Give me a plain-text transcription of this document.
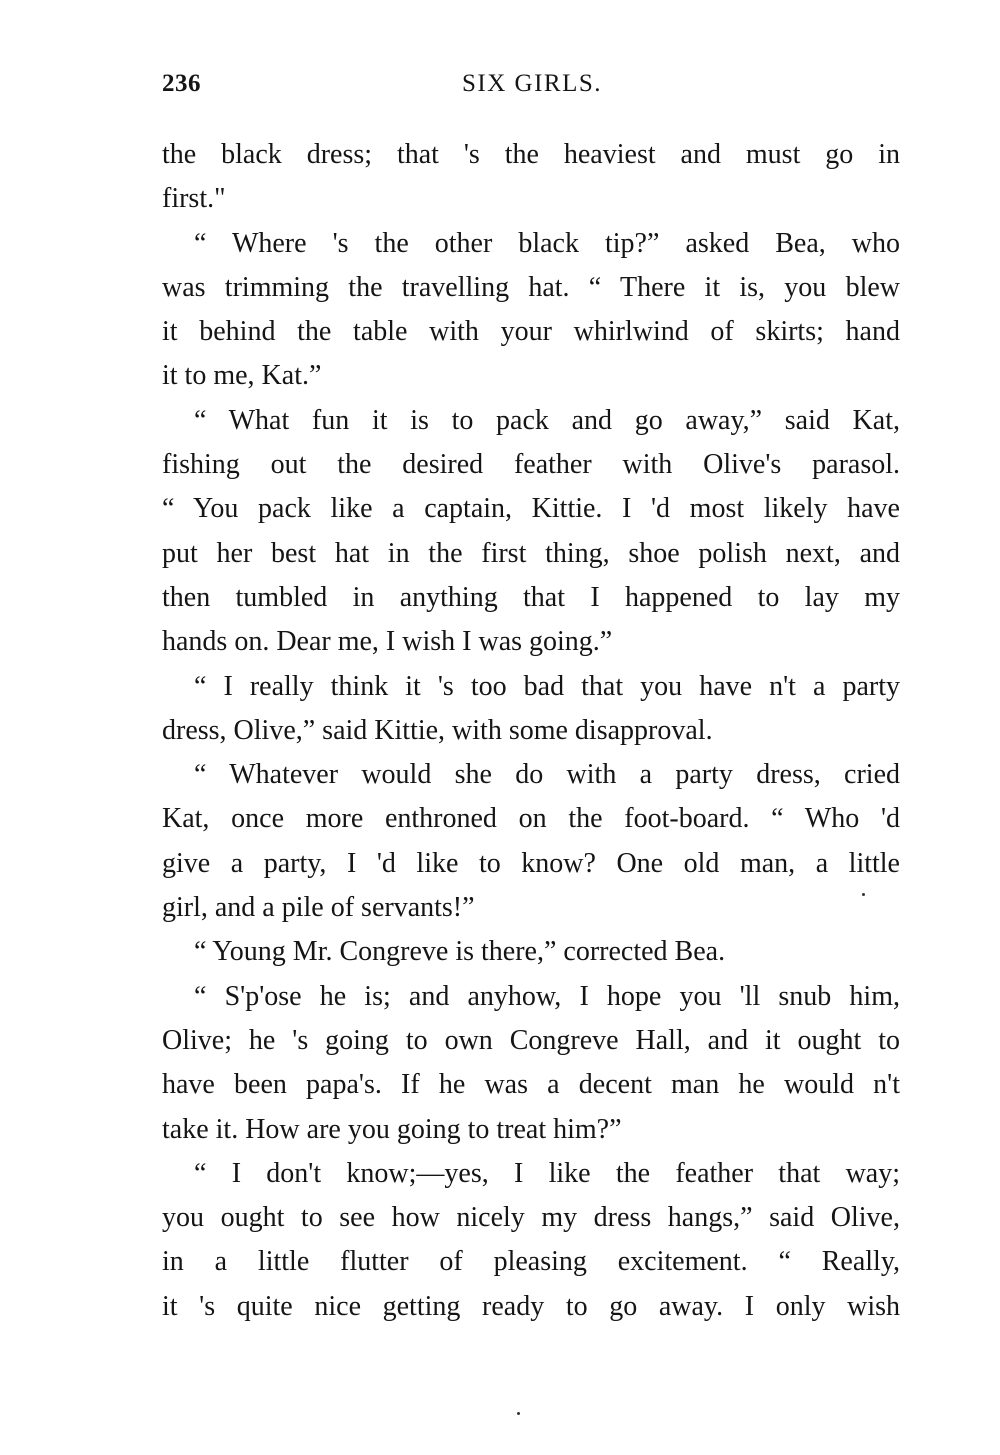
236	SIX GIRLS.
the black dress; that 's the heaviest and must go in
first."
“ Where 's the other black tip?” asked Bea, who
was trimming the travelling hat. “ There it is, you blew
it behind the table with your whirlwind of skirts; hand
it to me, Kat.”
“ What fun it is to pack and go away,” said Kat,
fishing out the desired feather with Olive's parasol.
“ You pack like a captain, Kittie. I 'd most likely have
put her best hat in the first thing, shoe polish next, and
then tumbled in anything that I happened to lay my
hands on. Dear me, I wish I was going.”
“ I really think it 's too bad that you have n't a party
dress, Olive,” said Kittie, with some disapproval.
“ Whatever would she do with a party dress, cried
Kat, once more enthroned on the foot-board. “ Who 'd
give a party, I 'd like to know? One old man, a little
girl, and a pile of servants!”
“ Young Mr. Congreve is there,” corrected Bea.
“ S'p'ose he is; and anyhow, I hope you 'll snub him,
Olive; he 's going to own Congreve Hall, and it ought to
have been papa's. If he was a decent man he would n't
take it. How are you going to treat him?”
“ I don't know;—yes, I like the feather that way;
you ought to see how nicely my dress hangs,” said Olive,
in a little flutter of pleasing excitement. “ Really,
it 's quite nice getting ready to go away. I only wish
